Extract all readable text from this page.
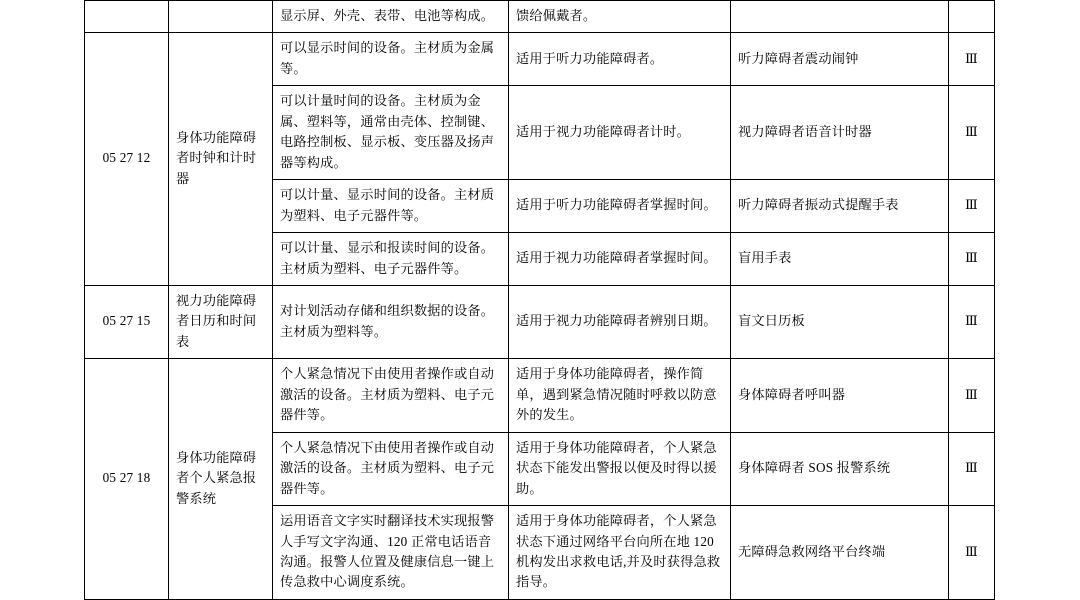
		显示屏、外壳、表带、电池等构成。	馈给佩戴者。		
05 27 12	身体功能障碍者时钟和计时器	可以显示时间的设备。主材质为金属等。	适用于听力功能障碍者。	听力障碍者震动闹钟	Ⅲ
		可以计量时间的设备。主材质为金属、塑料等，通常由壳体、控制键、电路控制板、显示板、变压器及扬声器等构成。	适用于视力功能障碍者计时。	视力障碍者语音计时器	Ⅲ
		可以计量、显示时间的设备。主材质为塑料、电子元器件等。	适用于听力功能障碍者掌握时间。	听力障碍者振动式提醒手表	Ⅲ
		可以计量、显示和报读时间的设备。主材质为塑料、电子元器件等。	适用于视力功能障碍者掌握时间。	盲用手表	Ⅲ
05 27 15	视力功能障碍者日历和时间表	对计划活动存储和组织数据的设备。主材质为塑料等。	适用于视力功能障碍者辨别日期。	盲文日历板	Ⅲ
05 27 18	身体功能障碍者个人紧急报警系统	个人紧急情况下由使用者操作或自动激活的设备。主材质为塑料、电子元器件等。	适用于身体功能障碍者，操作简单，遇到紧急情况随时呼救以防意外的发生。	身体障碍者呼叫器	Ⅲ
		个人紧急情况下由使用者操作或自动激活的设备。主材质为塑料、电子元器件等。	适用于身体功能障碍者，个人紧急状态下能发出警报以便及时得以援助。	身体障碍者 SOS 报警系统	Ⅲ
		运用语音文字实时翻译技术实现报警人手写文字沟通、120 正常电话语音沟通。报警人位置及健康信息一键上传急救中心调度系统。	适用于身体功能障碍者，个人紧急状态下通过网络平台向所在地 120 机构发出求救电话,并及时获得急救指导。	无障碍急救网络平台终端	Ⅲ
